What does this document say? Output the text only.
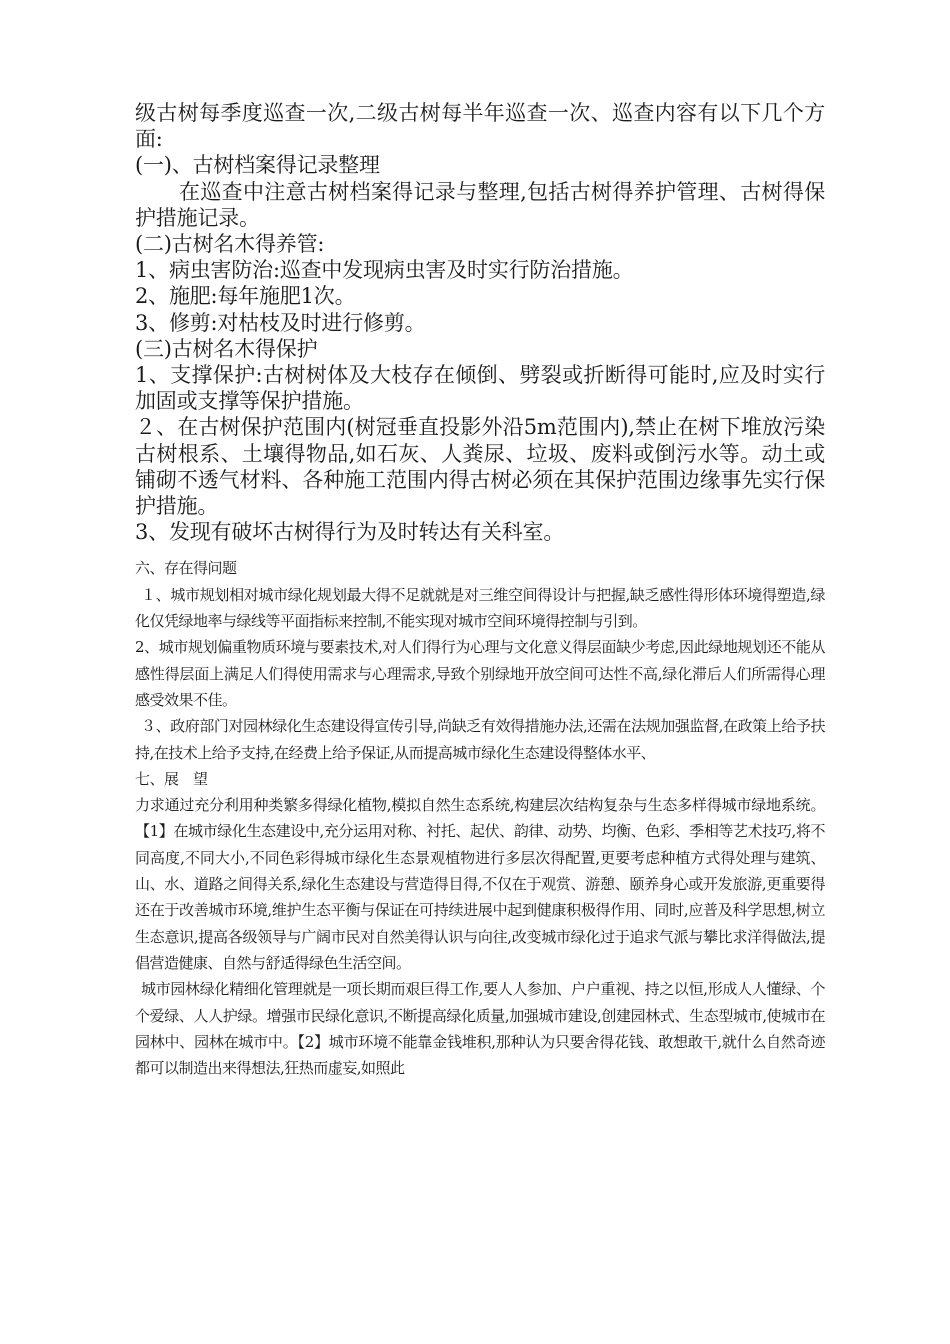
级古树每季度巡查一次,二级古树每半年巡查一次、巡查内容有以下几个方面:

(一)、古树档案得记录整理

在巡查中注意古树档案得记录与整理,包括古树得养护管理、古树得保护措施记录。

(二)古树名木得养管:

1、病虫害防治:巡查中发现病虫害及时实行防治措施。

2、施肥:每年施肥1次。

3、修剪:对枯枝及时进行修剪。

(三)古树名木得保护

1、支撑保护:古树树体及大枝存在倾倒、劈裂或折断得可能时,应及时实行加固或支撑等保护措施。

２、在古树保护范围内(树冠垂直投影外沿5m范围内),禁止在树下堆放污染古树根系、土壤得物品,如石灰、人粪尿、垃圾、废料或倒污水等。动土或铺砌不透气材料、各种施工范围内得古树必须在其保护范围边缘事先实行保护措施。

3、发现有破坏古树得行为及时转达有关科室。

六、存在得问题

１、城市规划相对城市绿化规划最大得不足就就是对三维空间得设计与把握,缺乏感性得形体环境得塑造,绿化仅凭绿地率与绿线等平面指标来控制,不能实现对城市空间环境得控制与引到。

2、城市规划偏重物质环境与要素技术,对人们得行为心理与文化意义得层面缺少考虑,因此绿地规划还不能从感性得层面上满足人们得使用需求与心理需求,导致个别绿地开放空间可达性不高,绿化滞后人们所需得心理感受效果不佳。

３、政府部门对园林绿化生态建设得宣传引导,尚缺乏有效得措施办法,还需在法规加强监督,在政策上给予扶持,在技术上给予支持,在经费上给予保证,从而提高城市绿化生态建设得整体水平、

七、展　望

力求通过充分利用种类繁多得绿化植物,模拟自然生态系统,构建层次结构复杂与生态多样得城市绿地系统。【1】在城市绿化生态建设中,充分运用对称、衬托、起伏、韵律、动势、均衡、色彩、季相等艺术技巧,将不同高度,不同大小,不同色彩得城市绿化生态景观植物进行多层次得配置,更要考虑种植方式得处理与建筑、山、水、道路之间得关系,绿化生态建设与营造得目得,不仅在于观赏、游憩、颐养身心或开发旅游,更重要得还在于改善城市环境,维护生态平衡与保证在可持续进展中起到健康积极得作用、同时,应普及科学思想,树立生态意识,提高各级领导与广阔市民对自然美得认识与向往,改变城市绿化过于追求气派与攀比求洋得做法,提倡营造健康、自然与舒适得绿色生活空间。

城市园林绿化精细化管理就是一项长期而艰巨得工作,要人人参加、户户重视、持之以恒,形成人人懂绿、个个爱绿、人人护绿。增强市民绿化意识,不断提高绿化质量,加强城市建设,创建园林式、生态型城市,使城市在园林中、园林在城市中。【2】城市环境不能靠金钱堆积,那种认为只要舍得花钱、敢想敢干,就什么自然奇迹都可以制造出来得想法,狂热而虚妄,如照此
